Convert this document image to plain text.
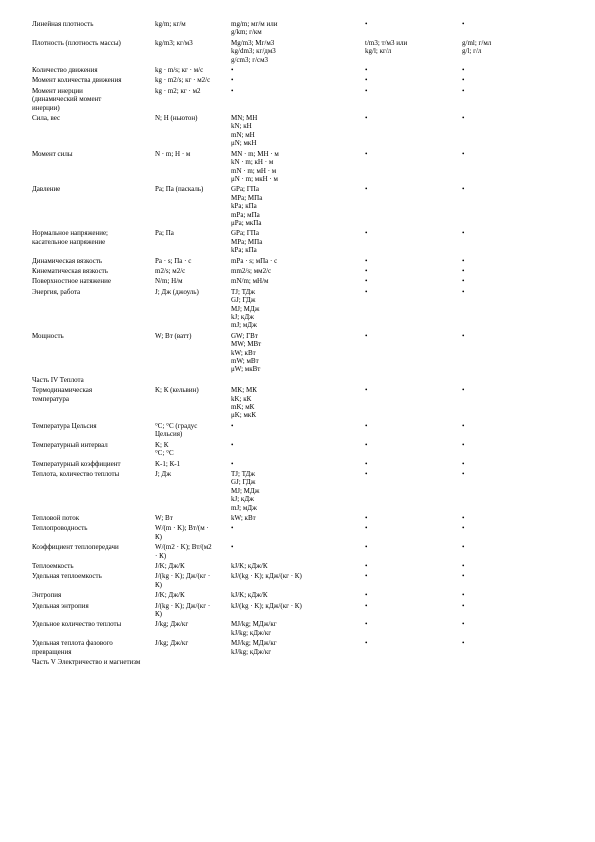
Линейная плотность	kg/m; кг/м	mg/m; мг/м или
g/km; г/км	•	•

Плотность (плотность массы)	kg/m3; кг/м3	Mg/m3; Мг/м3
kg/dm3; кг/дм3
g/cm3; г/см3	t/m3; т/м3 или
kg/l; кг/л	g/ml; г/мл
g/l; г/л

Количество движения	kg · m/s; кг · м/с	•	•	•

Момент количества движения	kg · m2/s; кг · м2/с	•	•	•

Момент инерции
(динамический момент
инерции)	kg · m2; кг · м2	•	•	•

Сила, вес	N; Н (ньютон)	MN; МН
kN; кН
mN; мН
μN; мкН	•	•

Момент силы	N · m; Н · м	MN · m; МН · м
kN · m; кН · м
mN · m; мН · м
μN · m; мкН · м	•	•

Давление	Pa; Па (паскаль)	GPa; ГПа
MPa; МПа
kPa; кПа
mPa; мПа
μPa; мкПа	•	•

Нормальное напряжение;
касательное напряжение	Pa; Па	GPa; ГПа
MPa; МПа
kPa; кПа	•	•

Динамическая вязкость	Pa · s; Па · с	mPa · s; мПа · с	•	•

Кинематическая вязкость	m2/s; м2/с	mm2/s; мм2/с	•	•

Поверхностное натяжение	N/m; Н/м	mN/m; мН/м	•	•

Энергия, работа	J; Дж (джоуль)	TJ; ТДж
GJ; ГДж
MJ; МДж
kJ; кДж
mJ; мДж	•	•

Мощность	W; Вт (ватт)	GW; ГВт
MW; МВт
kW; кВт
mW; мВт
μW; мкВт	•	•

Часть IV Теплота				

Термодинамическая
температура	K; К (кельвин)	MK; МК
kK; кК
mK; мК
μK; мкК	•	•

Температура Цельсия	°C; °С (градус
Цельсия)	•	•	•

Температурный интервал	K; К
°C; °С	•	•	•

Температурный коэффициент	K-1; К-1	•	•	•

Теплота, количество теплоты	J; Дж	TJ; ТДж
GJ; ГДж
MJ; МДж
kJ; кДж
mJ; мДж	•	•

Тепловой поток	W; Вт	kW; кВт	•	•

Теплопроводность	W/(m · K); Вт/(м ·
К)	•	•	•

Коэффициент теплопередачи	W/(m2 · K); Вт/(м2
· К)	•	•	•

Теплоемкость	J/K; Дж/К	kJ/K; кДж/К	•	•

Удельная теплоемкость	J/(kg · K); Дж/(кг ·
К)	kJ/(kg · K); кДж/(кг · К)	•	•

Энтропия	J/K; Дж/К	kJ/K; кДж/К	•	•

Удельная энтропия	J/(kg · K); Дж/(кг ·
К)	kJ/(kg · K); кДж/(кг · К)	•	•

Удельное количество теплоты	J/kg; Дж/кг	MJ/kg; МДж/кг
kJ/kg; кДж/кг	•	•

Удельная теплота фазового
превращения	J/kg; Дж/кг	MJ/kg; МДж/кг
kJ/kg; кДж/кг	•	•

Часть V Электричество и магнетизм				
